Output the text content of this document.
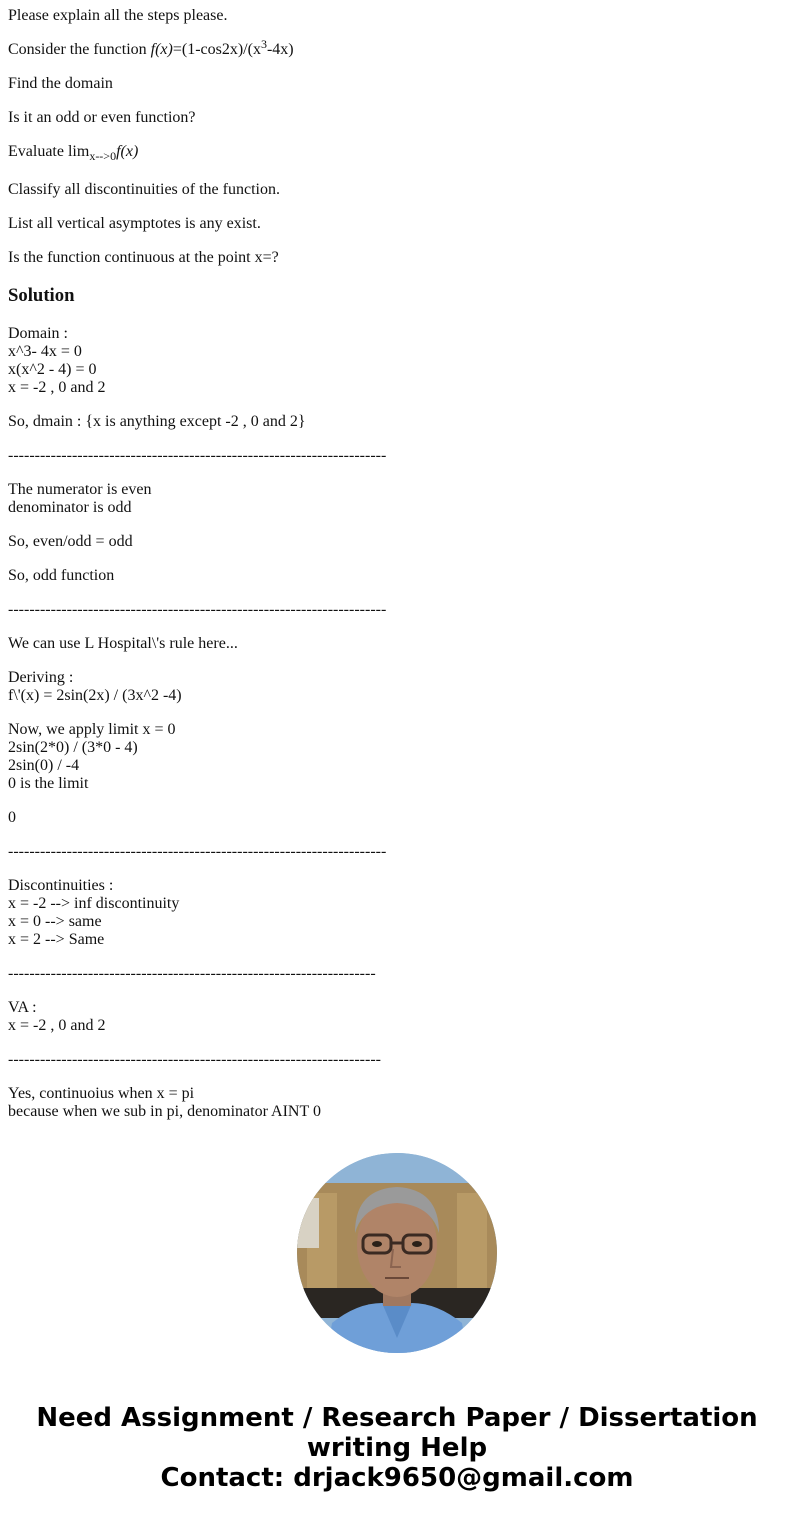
Please explain all the steps please.

Consider the function $f(x)=(1-\cos 2x)/(x^3-4x)$

Find the domain

Is it an odd or even function?

Evaluate $\lim_{x-->0}f(x)$

Classify all discontinuities of the function.

List all vertical asymptotes is any exist.

Is the function continuous at the point x=?

Solution
Domain :
x^3- 4x = 0
x(x^2 - 4) = 0
x = -2 , 0 and 2
So, dmain : {x is anything except -2 , 0 and 2}
-----------------------------------------------------------------------
The numerator is even
denominator is odd
So, even/odd = odd
So, odd function
-----------------------------------------------------------------------
We can use L Hospital\'s rule here...
Deriving :
f\'(x) = 2sin(2x) / (3x^2 -4)
Now, we apply limit x = 0
2sin(2*0) / (3*0 - 4)
2sin(0) / -4
0 is the limit
0
-----------------------------------------------------------------------
Discontinuities :
x = -2 --> inf discontinuity
x = 0 --> same
x = 2 --> Same
---------------------------------------------------------------------
VA :
x = -2 , 0 and 2
----------------------------------------------------------------------
Yes, continuoius when x = pi
because when we sub in pi, denominator AINT 0
Need Assignment / Research Paper / Dissertation
writing Help
Contact: drjack9650@gmail.com
